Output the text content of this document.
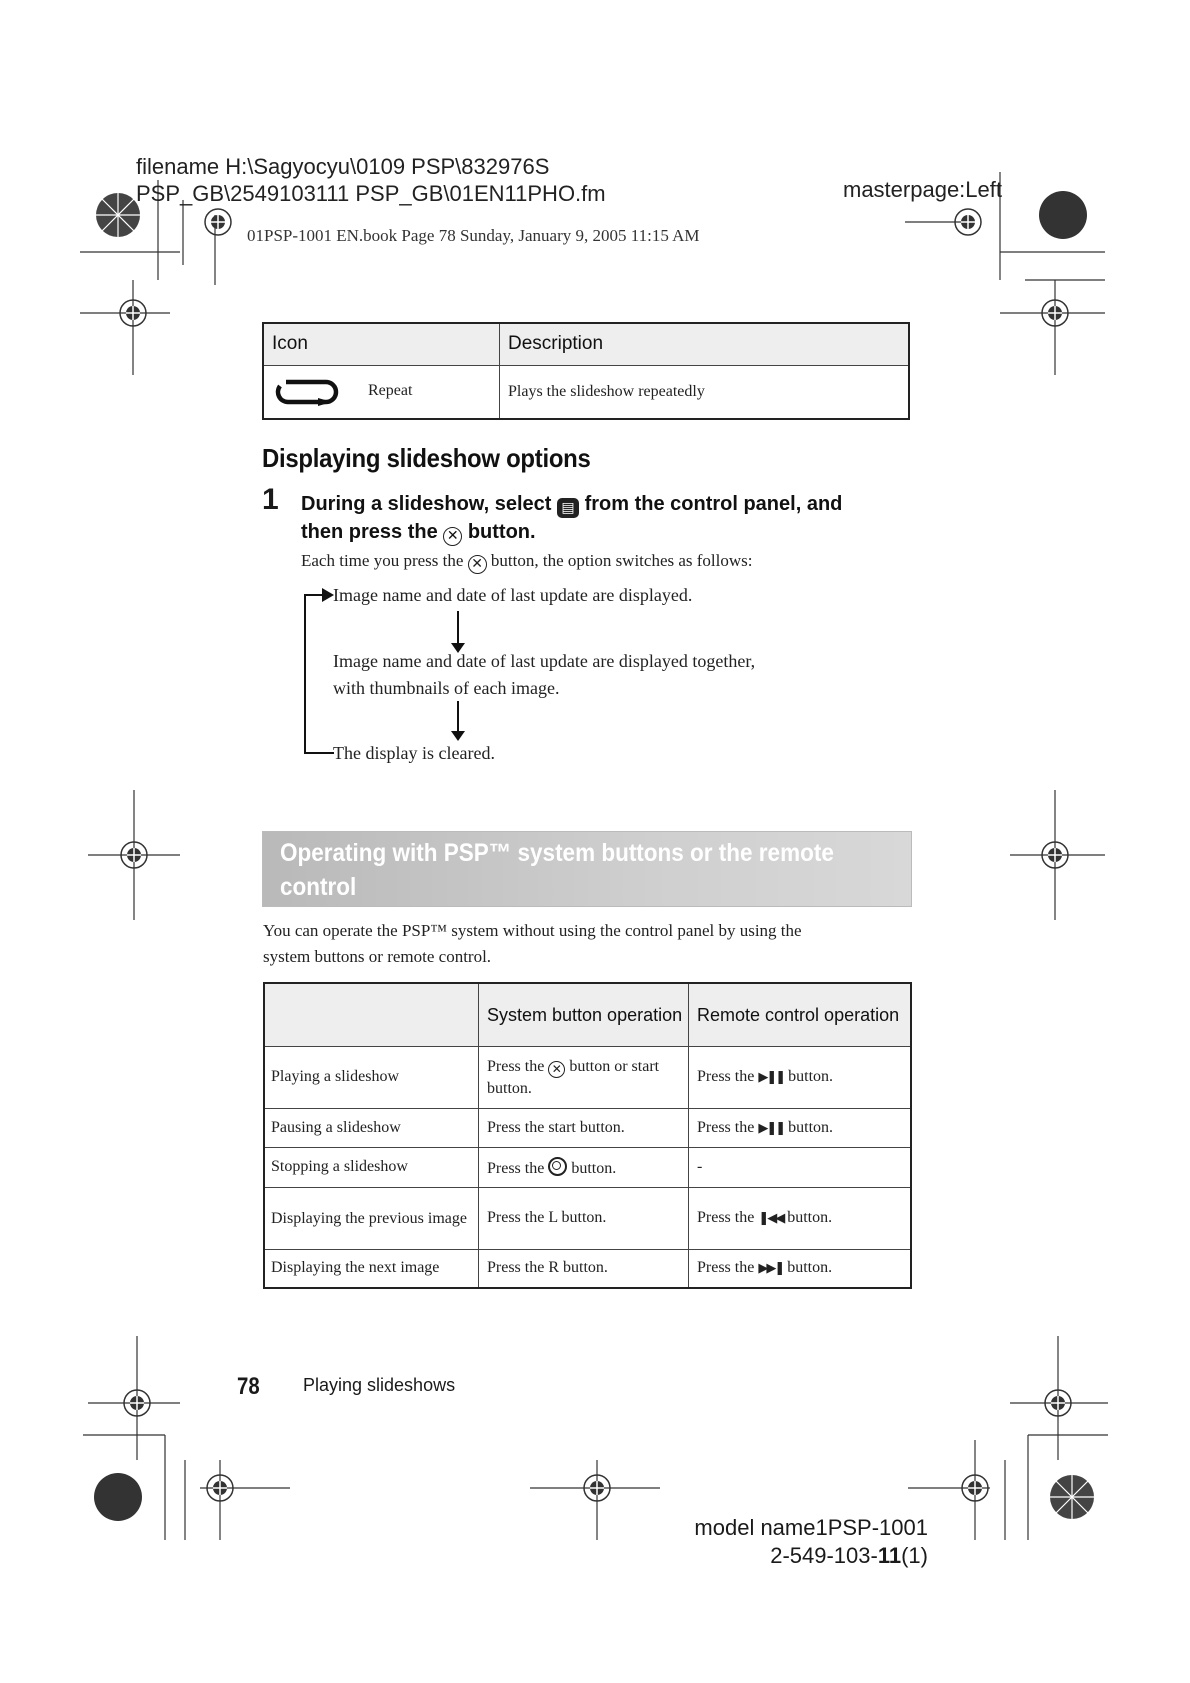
filename H:\Sagyocyu\0109 PSP\832976S
PSP_GB\2549103111 PSP_GB\01EN11PHO.fm	masterpage:Left
01PSP-1001 EN.book Page 78 Sunday, January 9, 2005 11:15 AM
Icon	Description
Repeat	Plays the slideshow repeatedly
Displaying slideshow options
1 During a slideshow, select ▤ from the control panel, and
then press the ✕ button.
Each time you press the ✕ button, the option switches as follows:
Image name and date of last update are displayed.
Image name and date of last update are displayed together,
with thumbnails of each image.
The display is cleared.
Operating with PSP™ system buttons or the remote
control
You can operate the PSP™ system without using the control panel by using the
system buttons or remote control.
	System button operation	Remote control operation
Playing a slideshow	Press the ✕ button or start button.	Press the ▶❚❚ button.
Pausing a slideshow	Press the start button.	Press the ▶❚❚ button.
Stopping a slideshow	Press the button.	-
Displaying the previous image	Press the L button.	Press the ❚◀◀ button.
Displaying the next image	Press the R button.	Press the ▶▶❚ button.
78 Playing slideshows
model name1PSP-1001
2-549-103-11(1)
